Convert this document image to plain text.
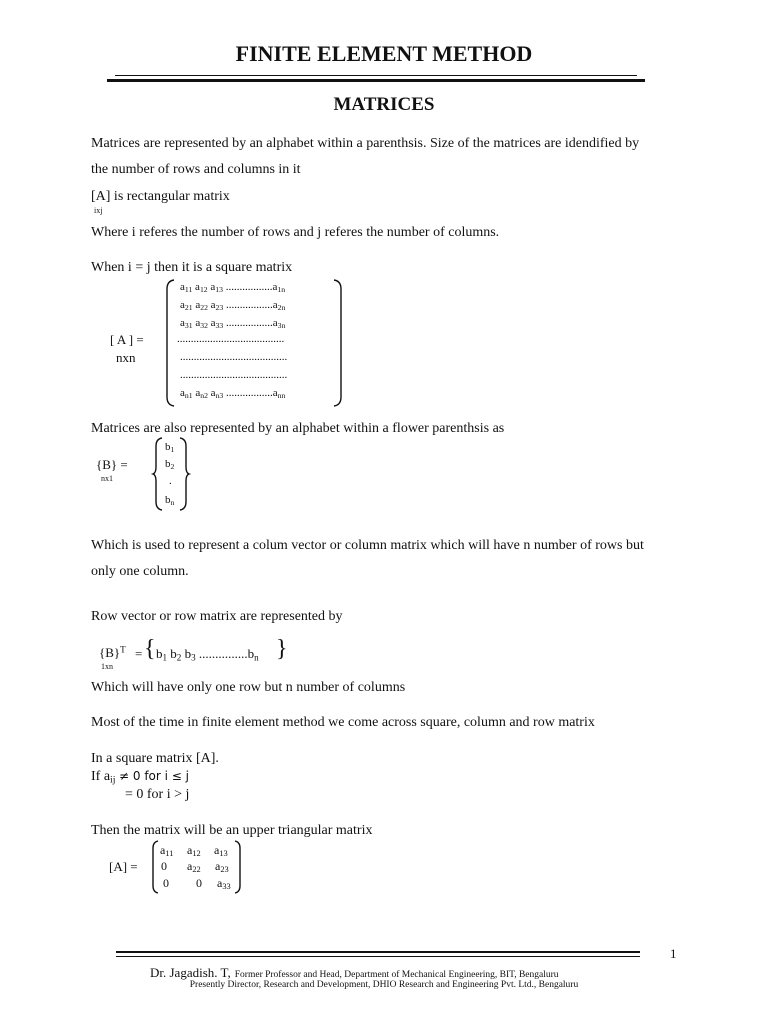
FINITE ELEMENT METHOD
MATRICES
Matrices are represented by an alphabet within a parenthsis. Size of the matrices are idendified by
the number of rows and columns in it
[A] is rectangular matrix
ixj
Where i referes the number of rows and j referes the number of columns.
When i = j then it is a square matrix
[ A ] =
nxn
$a_{11}$ $a_{12}$ $a_{13}$ $.................a_{1n}$
$a_{21}$ $a_{22}$ $a_{23}$ $.................a_{2n}$
$a_{31}$ $a_{32}$ $a_{33}$ $.................a_{3n}$
.......................................
.......................................
.......................................
$a_{n1}$ $a_{n2}$ $a_{n3}$ $.................a_{nn}$
Matrices are also represented by an alphabet within a flower parenthsis as
{B} =
nx1
$b_1$
$b_2$
.
$b_n$
Which is used to represent a colum vector or column matrix which will have n number of rows but
only one column.
Row vector or row matrix are represented by
$\{B\}^T$
1xn
= { $b_1$ $b_2$ $b_3$ $...............b_n$ }
Which will have only one row but n number of columns
Most of the time in finite element method we come across square, column and row matrix
In a square matrix [A].
If $a_{ij} \ne 0$ for i ≤ j
= 0 for i > j
Then the matrix will be an upper triangular matrix
[A] =
$a_{11}$ $a_{12}$ $a_{13}$
0 $a_{22}$ $a_{23}$
0 0 $a_{33}$
1
Dr. Jagadish. T, Former Professor and Head, Department of Mechanical Engineering, BIT, Bengaluru
Presently Director, Research and Development, DHIO Research and Engineering Pvt. Ltd., Bengaluru
